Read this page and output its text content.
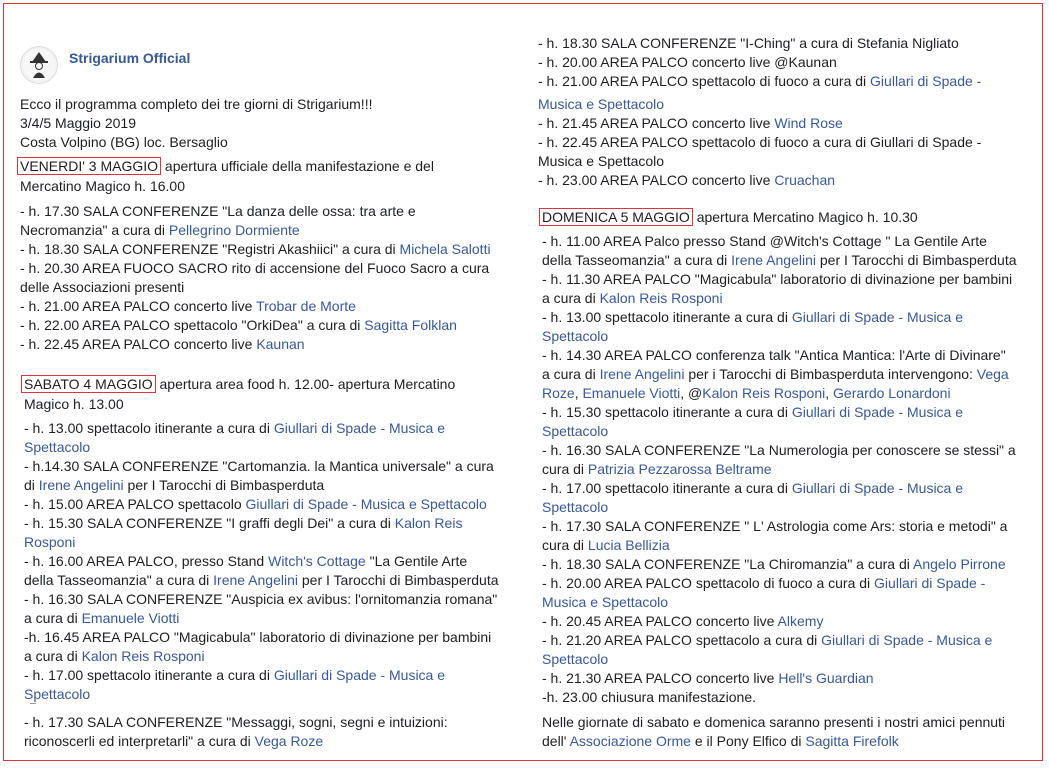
Strigarium Official
Ecco il programma completo dei tre giorni di Strigarium!!!
3/4/5 Maggio 2019
Costa Volpino (BG) loc. Bersaglio
VENERDI' 3 MAGGIO apertura ufficiale della manifestazione e del
Mercatino Magico h. 16.00
- h. 17.30 SALA CONFERENZE "La danza delle ossa: tra arte e
Necromanzia" a cura di Pellegrino Dormiente
- h. 18.30 SALA CONFERENZE "Registri Akashiici" a cura di Michela Salotti
- h. 20.30 AREA FUOCO SACRO rito di accensione del Fuoco Sacro a cura
delle Associazioni presenti
- h. 21.00 AREA PALCO concerto live Trobar de Morte
- h. 22.00 AREA PALCO spettacolo "OrkiDea" a cura di Sagitta Folklan
- h. 22.45 AREA PALCO concerto live Kaunan
SABATO 4 MAGGIO apertura area food h. 12.00- apertura Mercatino
Magico h. 13.00
- h. 13.00 spettacolo itinerante a cura di Giullari di Spade - Musica e
Spettacolo
- h.14.30 SALA CONFERENZE "Cartomanzia. la Mantica universale" a cura
di Irene Angelini per I Tarocchi di Bimbasperduta
- h. 15.00 AREA PALCO spettacolo Giullari di Spade - Musica e Spettacolo
- h. 15.30 SALA CONFERENZE "I graffi degli Dei" a cura di Kalon Reis
Rosponi
- h. 16.00 AREA PALCO, presso Stand Witch's Cottage "La Gentile Arte
della Tasseomanzia" a cura di Irene Angelini per I Tarocchi di Bimbasperduta
- h. 16.30 SALA CONFERENZE "Auspicia ex avibus: l'ornitomanzia romana"
a cura di Emanuele Viotti
-h. 16.45 AREA PALCO "Magicabula" laboratorio di divinazione per bambini
a cura di Kalon Reis Rosponi
- h. 17.00 spettacolo itinerante a cura di Giullari di Spade - Musica e
Spettacolo
- h. 17.30 SALA CONFERENZE "Messaggi, sogni, segni e intuizioni:
riconoscerli ed interpretarli" a cura di Vega Roze
- h. 18.30 SALA CONFERENZE "I-Ching" a cura di Stefania Nigliato
- h. 20.00 AREA PALCO concerto live @Kaunan
- h. 21.00 AREA PALCO spettacolo di fuoco a cura di Giullari di Spade -
Musica e Spettacolo
- h. 21.45 AREA PALCO concerto live Wind Rose
- h. 22.45 AREA PALCO spettacolo di fuoco a cura di Giullari di Spade -
Musica e Spettacolo
- h. 23.00 AREA PALCO concerto live Cruachan
DOMENICA 5 MAGGIO apertura Mercatino Magico h. 10.30
- h. 11.00 AREA Palco presso Stand @Witch's Cottage " La Gentile Arte
della Tasseomanzia" a cura di Irene Angelini per I Tarocchi di Bimbasperduta
- h. 11.30 AREA PALCO "Magicabula" laboratorio di divinazione per bambini
a cura di Kalon Reis Rosponi
- h. 13.00 spettacolo itinerante a cura di Giullari di Spade - Musica e
Spettacolo
- h. 14.30 AREA PALCO conferenza talk "Antica Mantica: l'Arte di Divinare"
a cura di Irene Angelini per i Tarocchi di Bimbasperduta intervengono: Vega
Roze, Emanuele Viotti, @Kalon Reis Rosponi, Gerardo Lonardoni
- h. 15.30 spettacolo itinerante a cura di Giullari di Spade - Musica e
Spettacolo
- h. 16.30 SALA CONFERENZE "La Numerologia per conoscere se stessi" a
cura di Patrizia Pezzarossa Beltrame
- h. 17.00 spettacolo itinerante a cura di Giullari di Spade - Musica e
Spettacolo
- h. 17.30 SALA CONFERENZE " L' Astrologia come Ars: storia e metodi" a
cura di Lucia Bellizia
- h. 18.30 SALA CONFERENZE "La Chiromanzia" a cura di Angelo Pirrone
- h. 20.00 AREA PALCO spettacolo di fuoco a cura di Giullari di Spade -
Musica e Spettacolo
- h. 20.45 AREA PALCO concerto live Alkemy
- h. 21.20 AREA PALCO spettacolo a cura di Giullari di Spade - Musica e
Spettacolo
- h. 21.30 AREA PALCO concerto live Hell's Guardian
-h. 23.00 chiusura manifestazione.
Nelle giornate di sabato e domenica saranno presenti i nostri amici pennuti
dell' Associazione Orme e il Pony Elfico di Sagitta Firefolk
